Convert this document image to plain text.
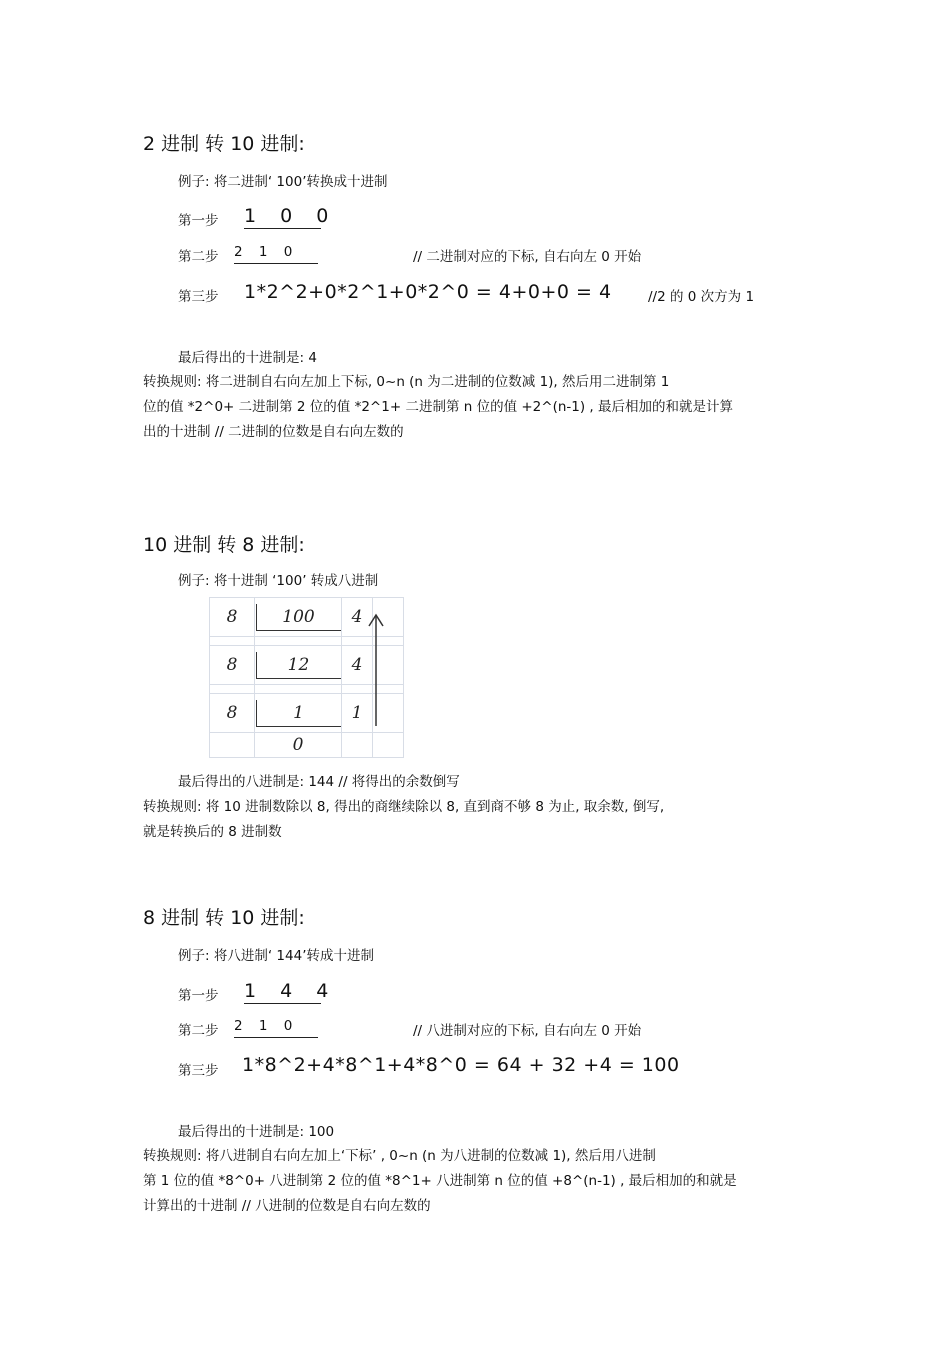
2 进制 转 10 进制:
例子: 将二进制‘ 100’转换成十进制
第一步 1 0 0
第二步 2 1 0	// 二进制对应的下标, 自右向左 0 开始
第三步 1*2^2+0*2^1+0*2^0 = 4+0+0 = 4	//2 的 0 次方为 1
最后得出的十进制是: 4
转换规则: 将二进制自右向左加上下标, 0~n (n 为二进制的位数减 1), 然后用二进制第 1
位的值 *2^0+ 二进制第 2 位的值 *2^1+ 二进制第 n 位的值 +2^(n-1) , 最后相加的和就是计算
出的十进制 // 二进制的位数是自右向左数的
10 进制 转 8 进制:
例子: 将十进制 ‘100’ 转成八进制
8	100	4	

8	12	4	

8	1	1	
	0		
最后得出的八进制是: 144 // 将得出的余数倒写
转换规则: 将 10 进制数除以 8, 得出的商继续除以 8, 直到商不够 8 为止, 取余数, 倒写,
就是转换后的 8 进制数
8 进制 转 10 进制:
例子: 将八进制‘ 144’转成十进制
第一步 1 4 4
第二步 2 1 0	// 八进制对应的下标, 自右向左 0 开始
第三步 1*8^2+4*8^1+4*8^0 = 64 + 32 +4 = 100
最后得出的十进制是: 100
转换规则: 将八进制自右向左加上‘下标’ , 0~n (n 为八进制的位数减 1), 然后用八进制
第 1 位的值 *8^0+ 八进制第 2 位的值 *8^1+ 八进制第 n 位的值 +8^(n-1) , 最后相加的和就是
计算出的十进制 // 八进制的位数是自右向左数的
